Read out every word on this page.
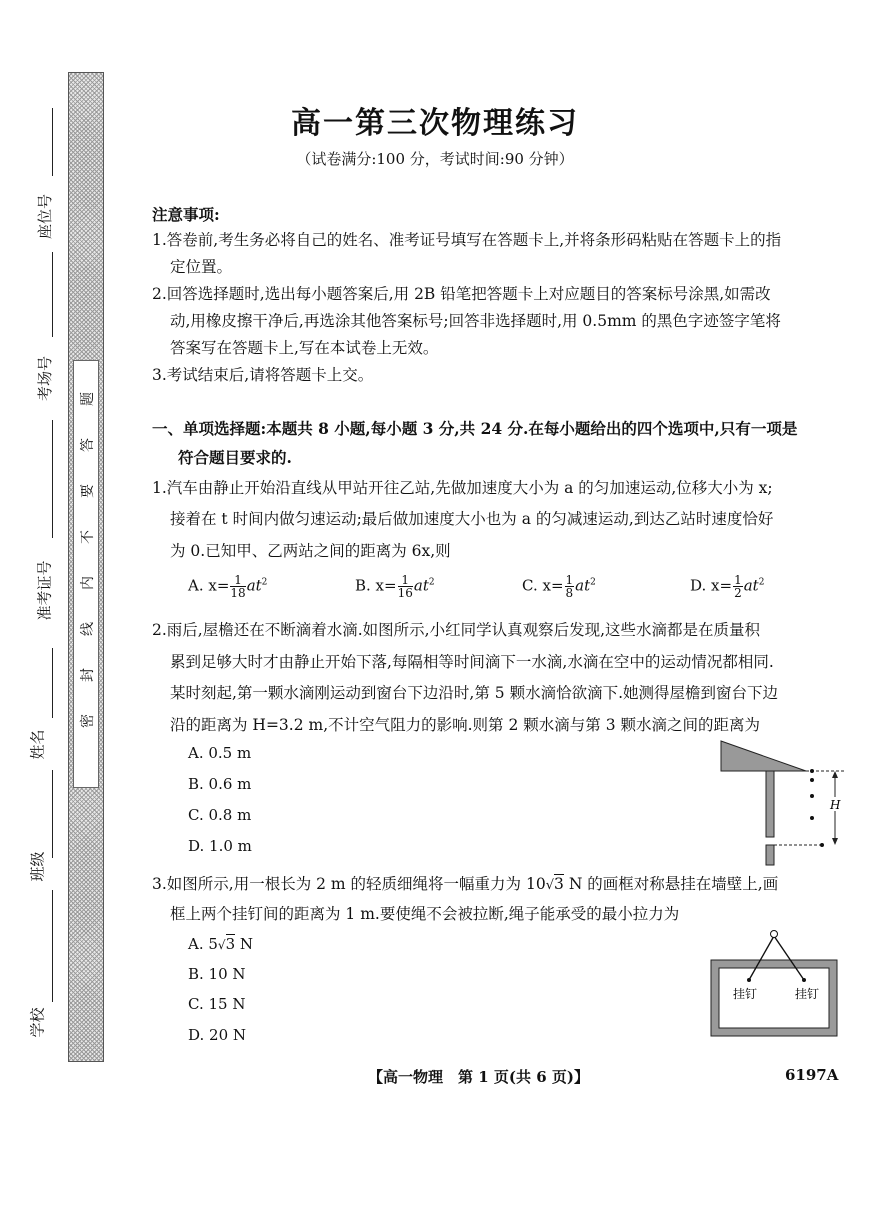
密
封
线
内
不
要
答
题
座位号
考场号
准考证号
姓名
班级
学校
高一第三次物理练习
（试卷满分:100 分，考试时间:90 分钟）
注意事项:
1.答卷前,考生务必将自己的姓名、准考证号填写在答题卡上,并将条形码粘贴在答题卡上的指
定位置。
2.回答选择题时,选出每小题答案后,用 2B 铅笔把答题卡上对应题目的答案标号涂黑,如需改
动,用橡皮擦干净后,再选涂其他答案标号;回答非选择题时,用 0.5mm 的黑色字迹签字笔将
答案写在答题卡上,写在本试卷上无效。
3.考试结束后,请将答题卡上交。
一、单项选择题:本题共 8 小题,每小题 3 分,共 24 分.在每小题给出的四个选项中,只有一项是
符合题目要求的.
1.汽车由静止开始沿直线从甲站开往乙站,先做加速度大小为 a 的匀加速运动,位移大小为 x;
接着在 t 时间内做匀速运动;最后做加速度大小也为 a 的匀减速运动,到达乙站时速度恰好
为 0.已知甲、乙两站之间的距离为 6x,则
A. $x= \frac{1}{18} at^2$	B. $x= \frac{1}{16} at^2$	C. $x= \frac{1}{8} at^2$	D. $x= \frac{1}{2} at^2$
2.雨后,屋檐还在不断滴着水滴.如图所示,小红同学认真观察后发现,这些水滴都是在质量积
累到足够大时才由静止开始下落,每隔相等时间滴下一水滴,水滴在空中的运动情况都相同.
某时刻起,第一颗水滴刚运动到窗台下边沿时,第 5 颗水滴恰欲滴下.她测得屋檐到窗台下边
沿的距离为 H=3.2 m,不计空气阻力的影响.则第 2 颗水滴与第 3 颗水滴之间的距离为
A. 0.5 m
B. 0.6 m
C. 0.8 m
D. 1.0 m
H
3.如图所示,用一根长为 2 m 的轻质细绳将一幅重力为 10√3 N 的画框对称悬挂在墙壁上,画
框上两个挂钉间的距离为 1 m.要使绳不会被拉断,绳子能承受的最小拉力为
A. 5√3 N
B. 10 N
C. 15 N
D. 20 N
挂钉	挂钉
【高一物理　第 1 页(共 6 页)】	6197A
